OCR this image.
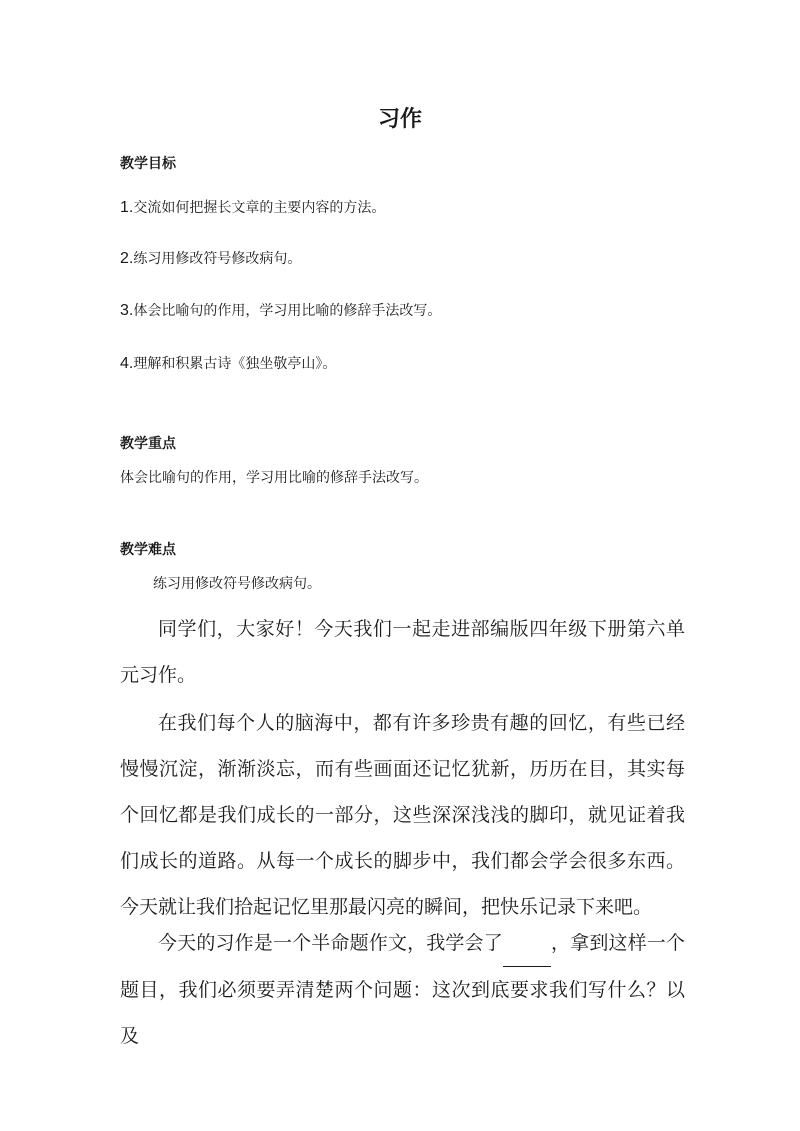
习作
教学目标
1.交流如何把握长文章的主要内容的方法。
2.练习用修改符号修改病句。
3.体会比喻句的作用，学习用比喻的修辞手法改写。
4.理解和积累古诗《独坐敬亭山》。
教学重点
体会比喻句的作用，学习用比喻的修辞手法改写。
教学难点
练习用修改符号修改病句。
同学们，大家好！今天我们一起走进部编版四年级下册第六单元习作。
在我们每个人的脑海中，都有许多珍贵有趣的回忆，有些已经慢慢沉淀，渐渐淡忘，而有些画面还记忆犹新，历历在目，其实每个回忆都是我们成长的一部分，这些深深浅浅的脚印，就见证着我们成长的道路。从每一个成长的脚步中，我们都会学会很多东西。今天就让我们拾起记忆里那最闪亮的瞬间，把快乐记录下来吧。
今天的习作是一个半命题作文，我学会了	，拿到这样一个题目，我们必须要弄清楚两个问题：这次到底要求我们写什么？以及
